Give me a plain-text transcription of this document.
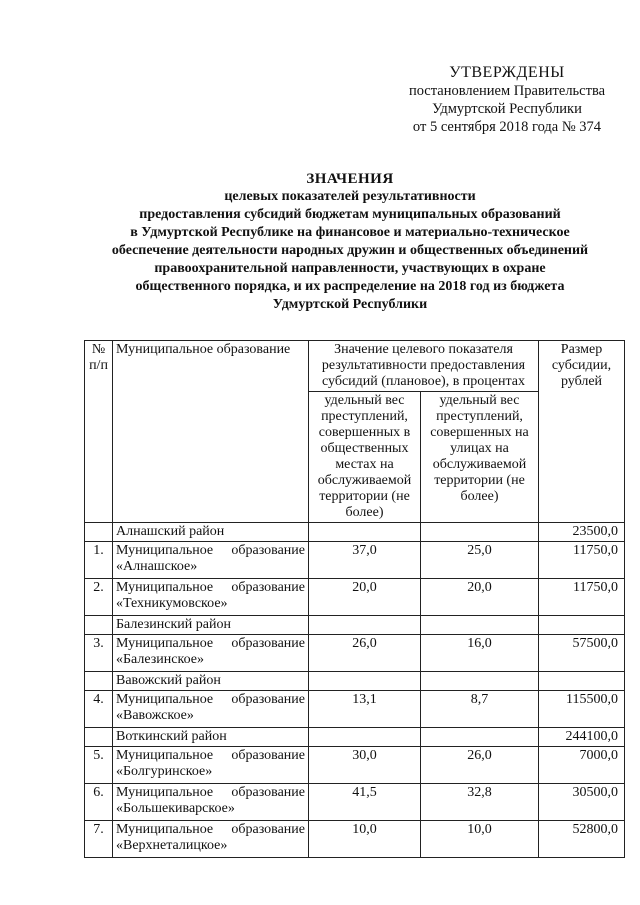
УТВЕРЖДЕНЫ
постановлением Правительства
Удмуртской Республики
от 5 сентября 2018 года № 374
ЗНАЧЕНИЯ
целевых показателей результативности
предоставления субсидий бюджетам муниципальных образований
в Удмуртской Республике на финансовое и материально-техническое
обеспечение деятельности народных дружин и общественных объединений
правоохранительной направленности, участвующих в охране
общественного порядка, и их распределение на 2018 год из бюджета
Удмуртской Республики
№ п/п	Муниципальное образование	Значение целевого показателя результативности предоставления субсидий (плановое), в процентах		Размер субсидии, рублей
		удельный вес преступлений, совершенных в общественных местах на обслуживаемой территории (не более)	удельный вес преступлений, совершенных на улицах на обслуживаемой территории (не более)	
	Алнашский район			23500,0
1.	Муниципальное образование «Алнашское»	37,0	25,0	11750,0
2.	Муниципальное образование «Техникумовское»	20,0	20,0	11750,0
	Балезинский район			
3.	Муниципальное образование «Балезинское»	26,0	16,0	57500,0
	Вавожский район			
4.	Муниципальное образование «Вавожское»	13,1	8,7	115500,0
	Воткинский район			244100,0
5.	Муниципальное образование «Болгуринское»	30,0	26,0	7000,0
6.	Муниципальное образование «Большекиварское»	41,5	32,8	30500,0
7.	Муниципальное образование «Верхнеталицкое»	10,0	10,0	52800,0
